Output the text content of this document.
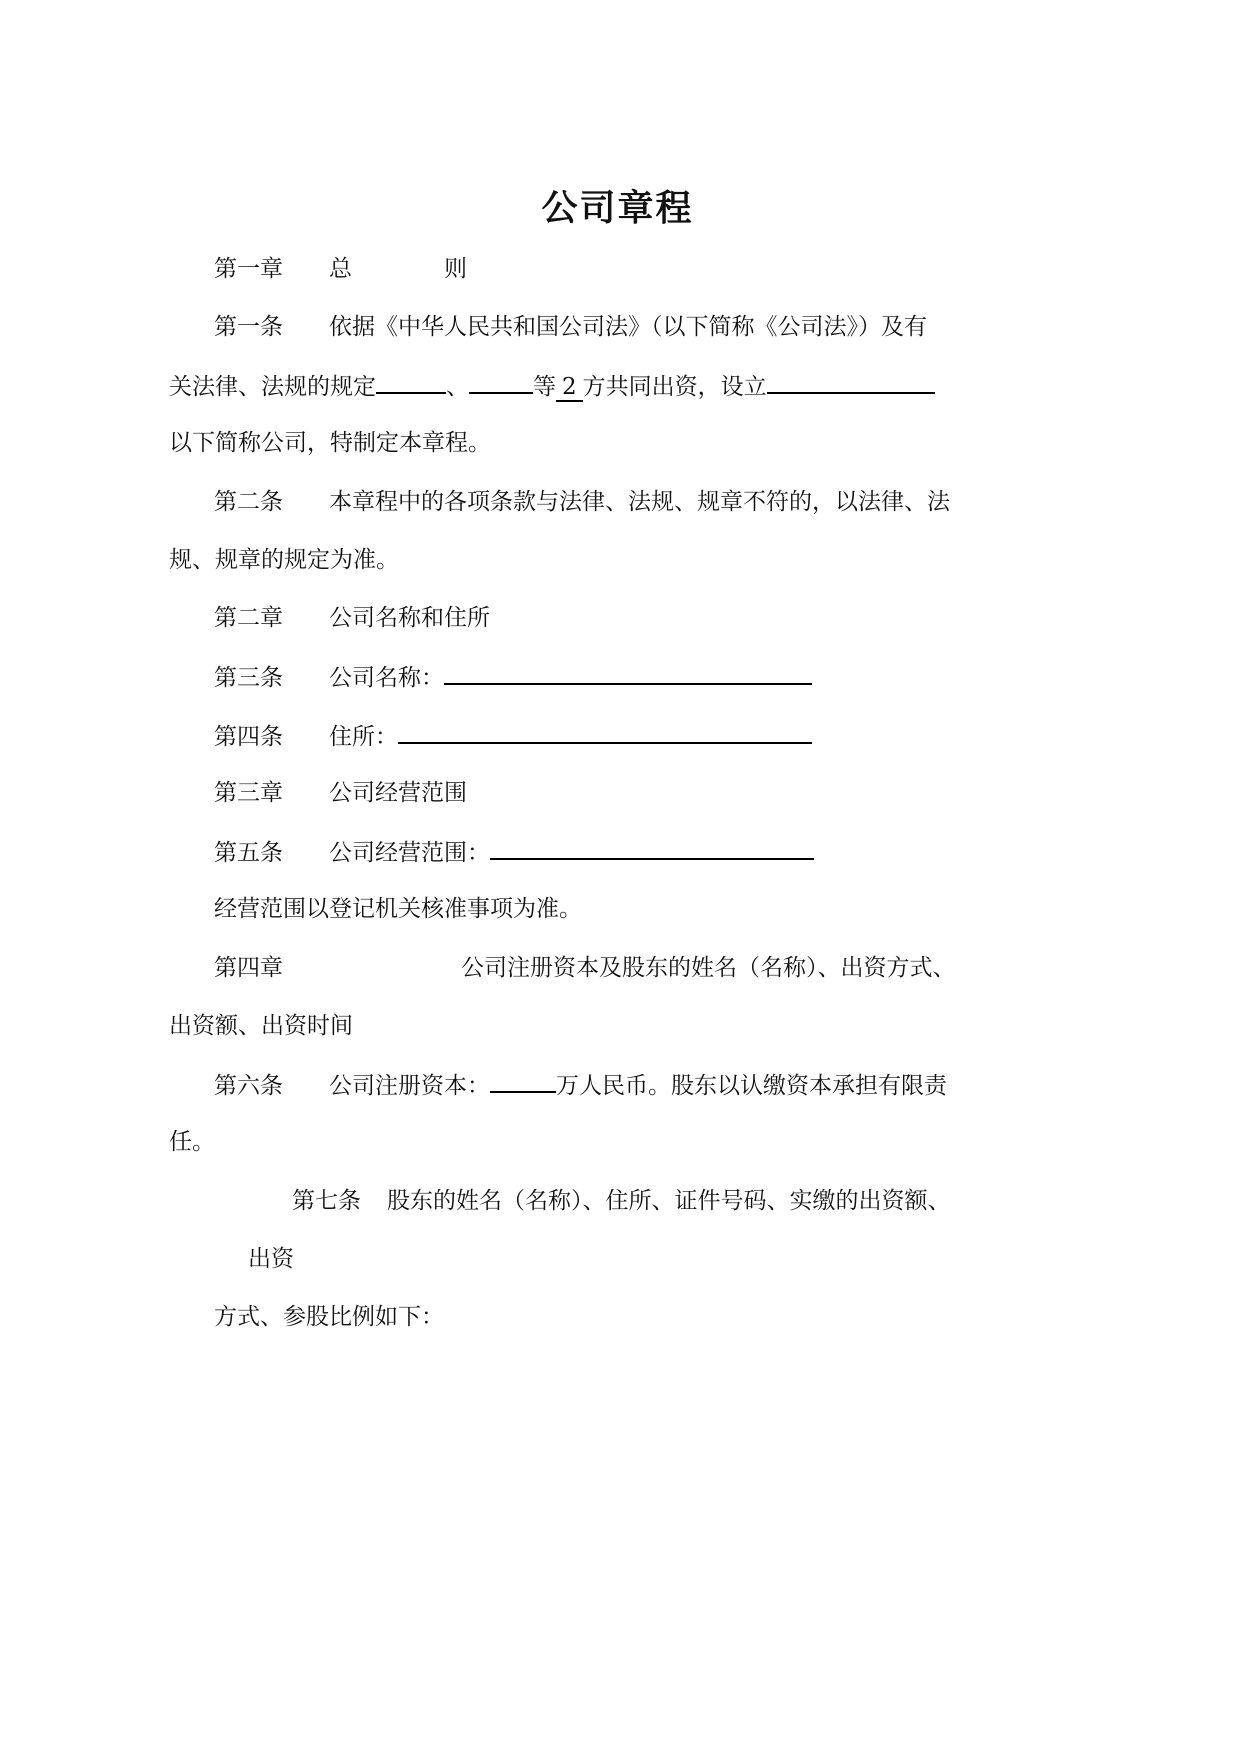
公司章程
第一章 总	则
第一条 依据《中华人民共和国公司法》（以下简称《公司法》）及有
关法律、法规的规定	、	等 2 方共同出资，设立
以下简称公司，特制定本章程。
第二条 本章程中的各项条款与法律、法规、规章不符的，以法律、法
规、规章的规定为准。
第二章 公司名称和住所
第三条 公司名称：
第四条 住所：
第三章 公司经营范围
第五条 公司经营范围：
经营范围以登记机关核准事项为准。
第四章	公司注册资本及股东的姓名（名称）、出资方式、
出资额、出资时间
第六条 公司注册资本：	万人民币。股东以认缴资本承担有限责
任。
第七条 股东的姓名（名称）、住所、证件号码、实缴的出资额、
出资
方式、参股比例如下：
